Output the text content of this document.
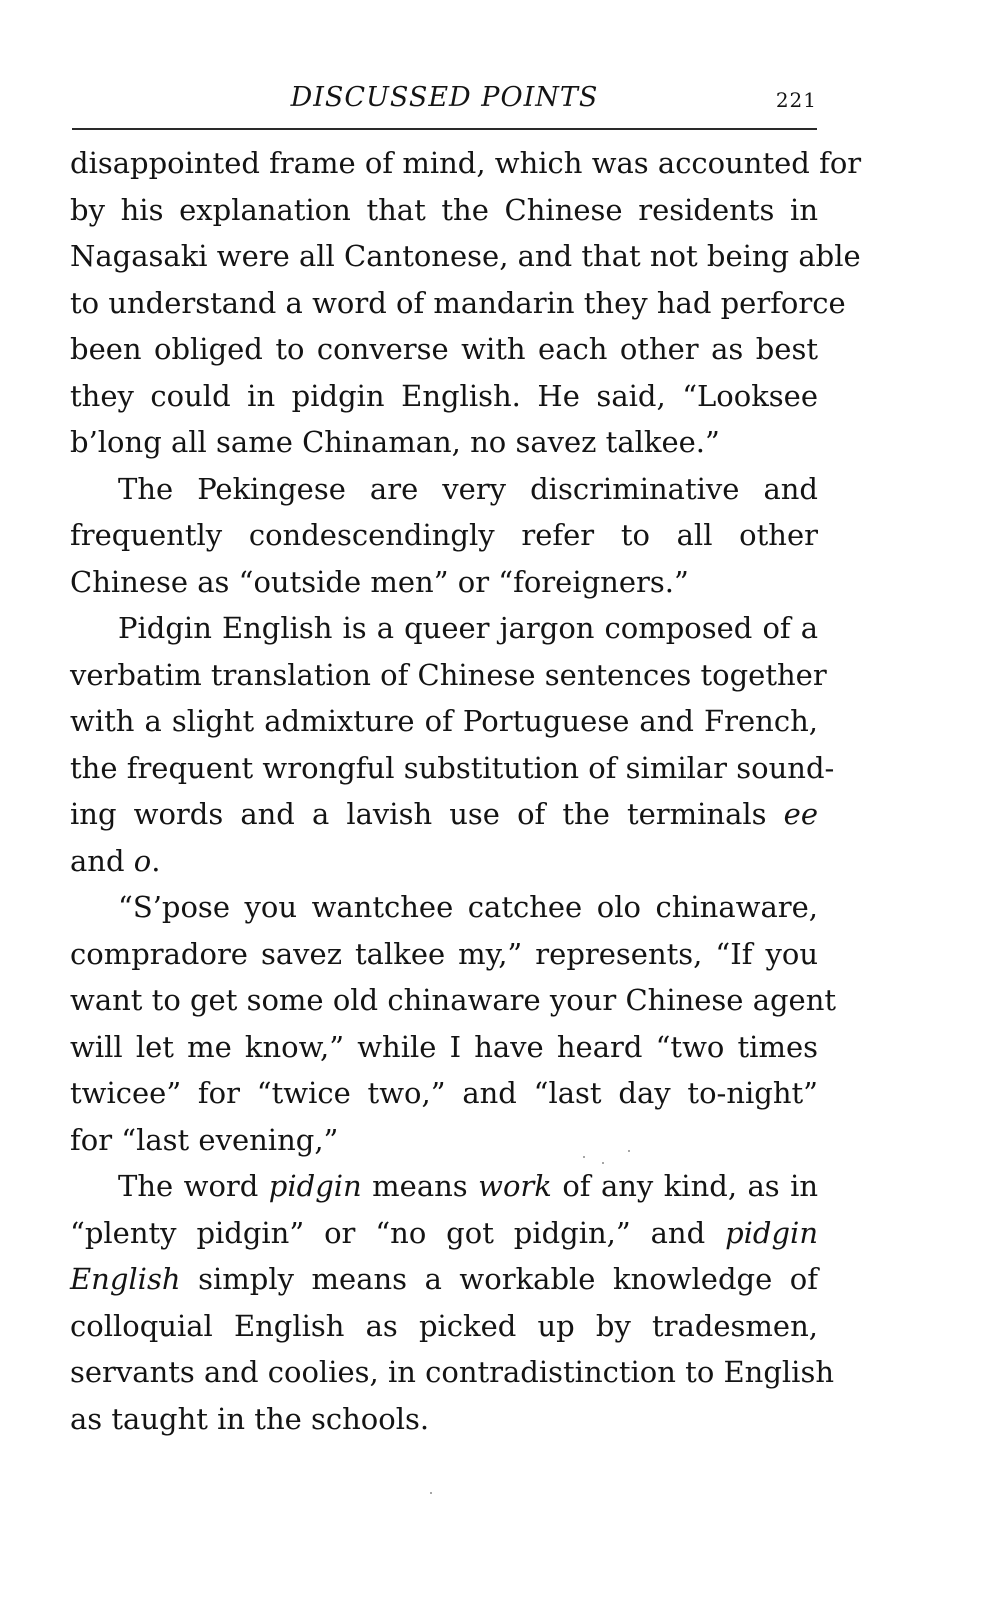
DISCUSSED POINTS	221

disappointed frame of mind, which was accounted for
by his explanation that the Chinese residents in
Nagasaki were all Cantonese, and that not being able
to understand a word of mandarin they had perforce
been obliged to converse with each other as best
they could in pidgin English. He said, “Looksee
b’long all same Chinaman, no savez talkee.”

The Pekingese are very discriminative and
frequently condescendingly refer to all other
Chinese as “outside men” or “foreigners.”

Pidgin English is a queer jargon composed of a
verbatim translation of Chinese sentences together
with a slight admixture of Portuguese and French,
the frequent wrongful substitution of similar sound-
ing words and a lavish use of the terminals ee
and o.

“S’pose you wantchee catchee olo chinaware,
compradore savez talkee my,” represents, “If you
want to get some old chinaware your Chinese agent
will let me know,” while I have heard “two times
twicee” for “twice two,” and “last day to-night”
for “last evening,”

The word pidgin means work of any kind, as in
“plenty pidgin” or “no got pidgin,” and pidgin
English simply means a workable knowledge of
colloquial English as picked up by tradesmen,
servants and coolies, in contradistinction to English
as taught in the schools.
